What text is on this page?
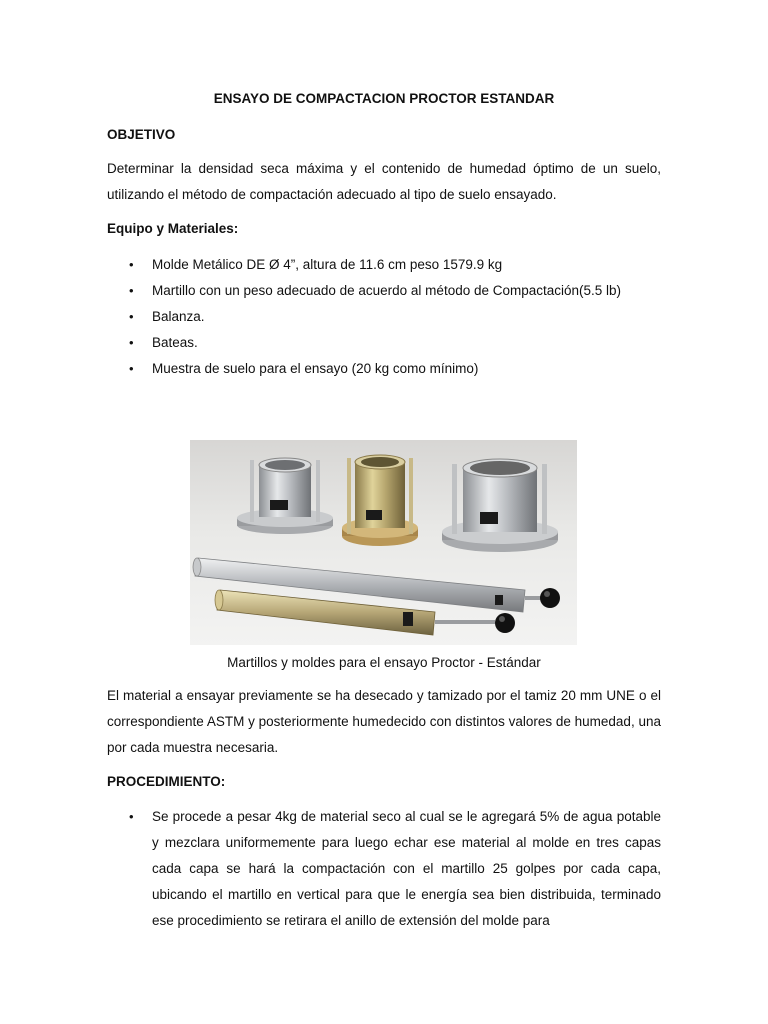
ENSAYO DE COMPACTACION PROCTOR ESTANDAR
OBJETIVO
Determinar la densidad seca máxima y el contenido de humedad óptimo de un suelo, utilizando el método de compactación adecuado al tipo de suelo ensayado.
Equipo y Materiales:
• Molde Metálico DE Ø 4”, altura de 11.6 cm peso 1579.9 kg
• Martillo con un peso adecuado de acuerdo al método de Compactación(5.5 lb)
• Balanza.
• Bateas.
• Muestra de suelo para el ensayo (20 kg como mínimo)
Martillos y moldes para el ensayo Proctor - Estándar
El material a ensayar previamente se ha desecado y tamizado por el tamiz 20 mm UNE o el correspondiente ASTM y posteriormente humedecido con distintos valores de humedad, una por cada muestra necesaria.
PROCEDIMIENTO:
• Se procede a pesar 4kg de material seco al cual se le agregará 5% de agua potable y mezclara uniformemente para luego echar ese material al molde en tres capas cada capa se hará la compactación con el martillo 25 golpes por cada capa, ubicando el martillo en vertical para que le energía sea bien distribuida, terminado ese procedimiento se retirara el anillo de extensión del molde para
